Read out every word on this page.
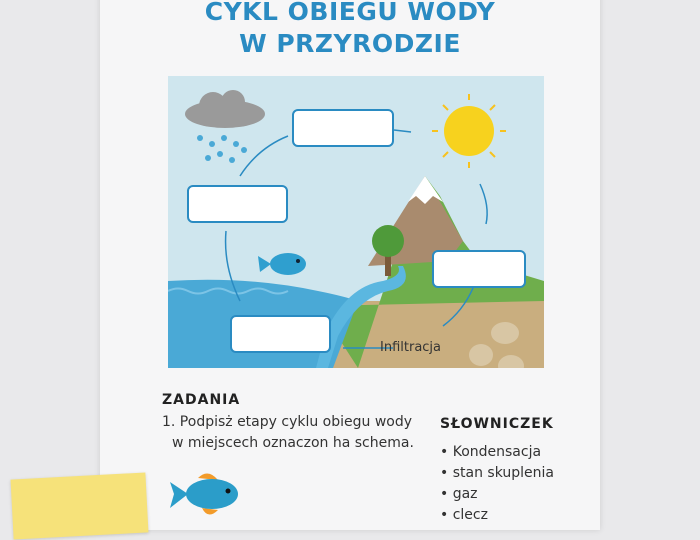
CYKL OBIEGU WODY
W PRZYRODZIE
Infiltracja
ZADANIA
1. Podpisż etapy cyklu obiegu wody
w miejscech oznaczon ha schema.
SŁOWNICZEK
• Kondensacja
• stan skuplenia
• gaz
• clecz
